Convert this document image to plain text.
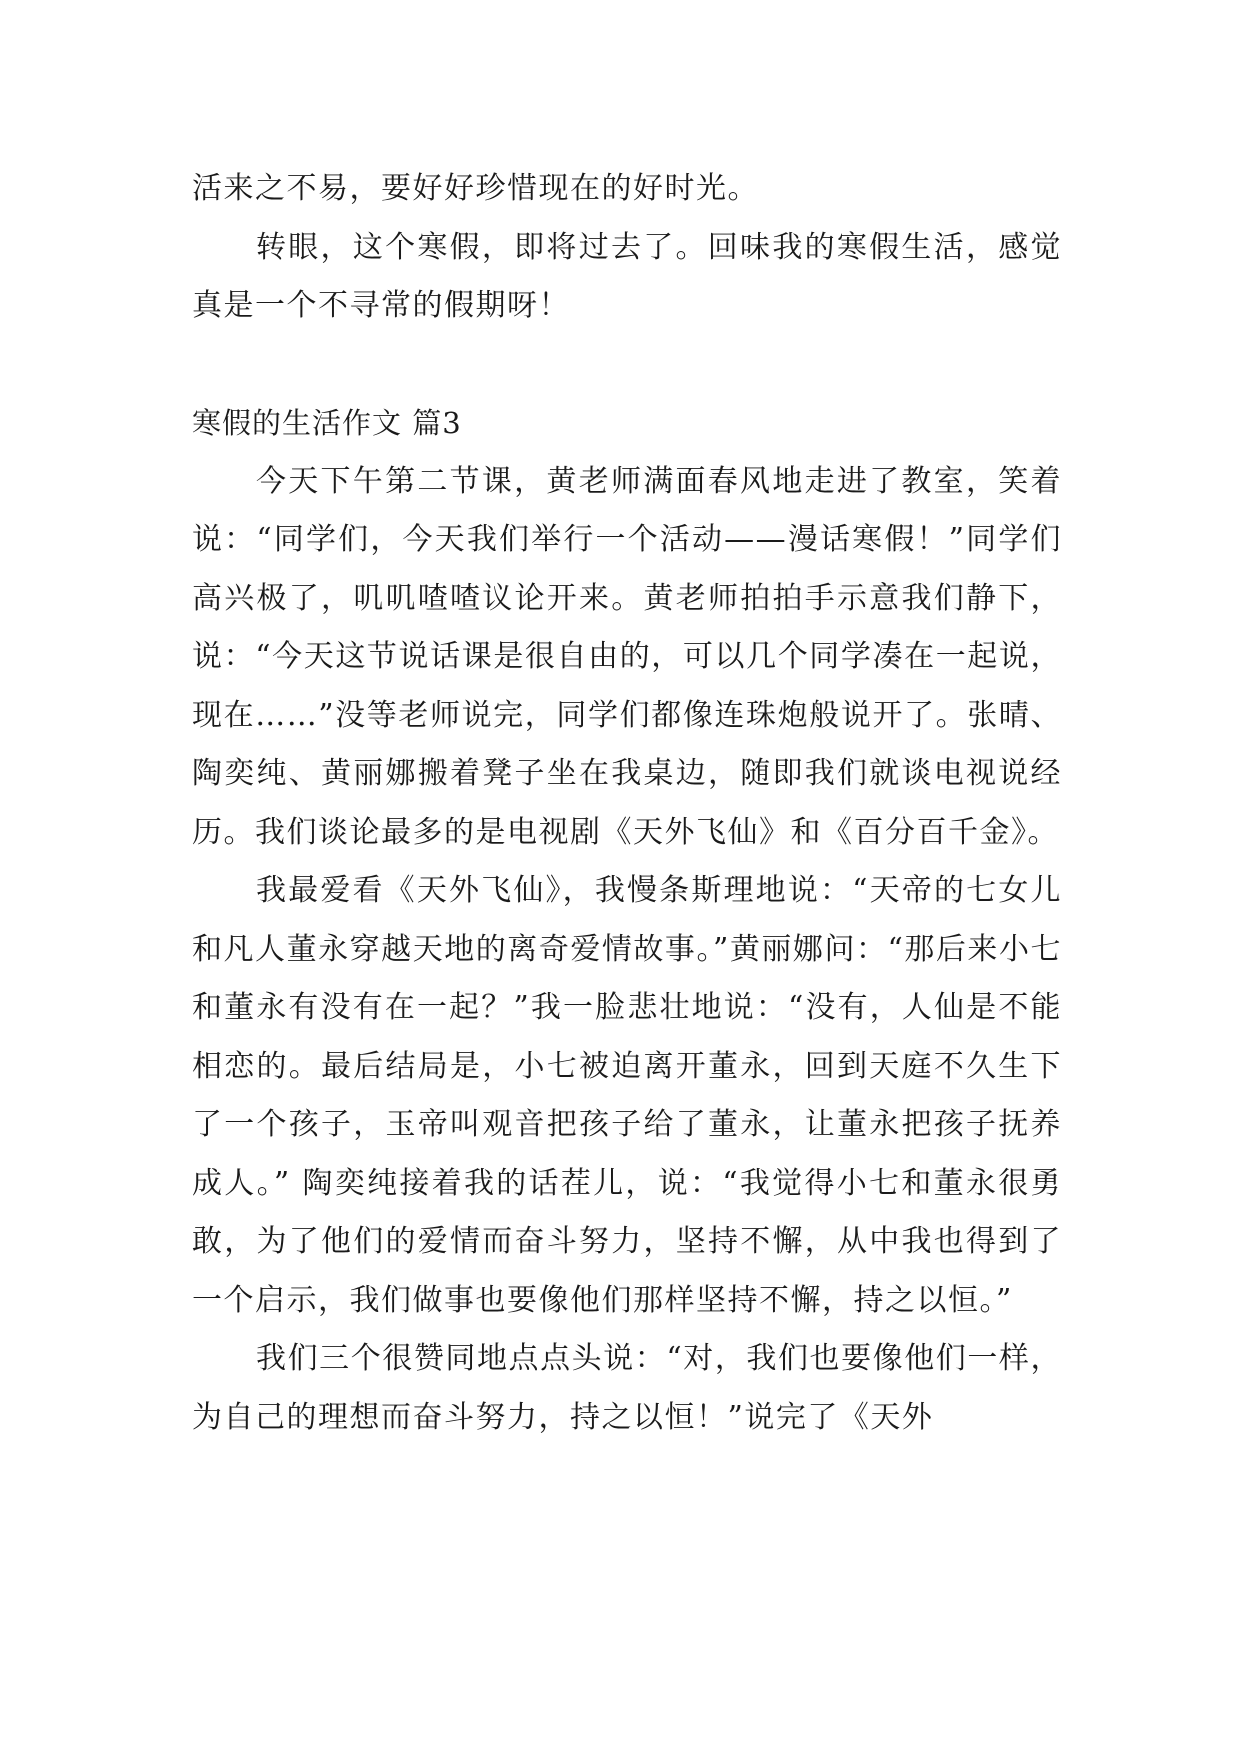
活来之不易，要好好珍惜现在的好时光。

转眼，这个寒假，即将过去了。回味我的寒假生活，感觉真是一个不寻常的假期呀！

寒假的生活作文 篇3

今天下午第二节课，黄老师满面春风地走进了教室，笑着说：“同学们，今天我们举行一个活动——漫话寒假！”同学们高兴极了，叽叽喳喳议论开来。黄老师拍拍手示意我们静下，说：“今天这节说话课是很自由的，可以几个同学凑在一起说，现在……”没等老师说完，同学们都像连珠炮般说开了。张晴、陶奕纯、黄丽娜搬着凳子坐在我桌边，随即我们就谈电视说经历。我们谈论最多的是电视剧《天外飞仙》和《百分百千金》。

我最爱看《天外飞仙》，我慢条斯理地说：“天帝的七女儿和凡人董永穿越天地的离奇爱情故事。”黄丽娜问：“那后来小七和董永有没有在一起？”我一脸悲壮地说：“没有，人仙是不能相恋的。最后结局是，小七被迫离开董永，回到天庭不久生下了一个孩子，玉帝叫观音把孩子给了董永，让董永把孩子抚养成人。” 陶奕纯接着我的话茬儿，说：“我觉得小七和董永很勇敢，为了他们的爱情而奋斗努力，坚持不懈，从中我也得到了一个启示，我们做事也要像他们那样坚持不懈，持之以恒。”

我们三个很赞同地点点头说：“对，我们也要像他们一样，为自己的理想而奋斗努力，持之以恒！”说完了《天外
